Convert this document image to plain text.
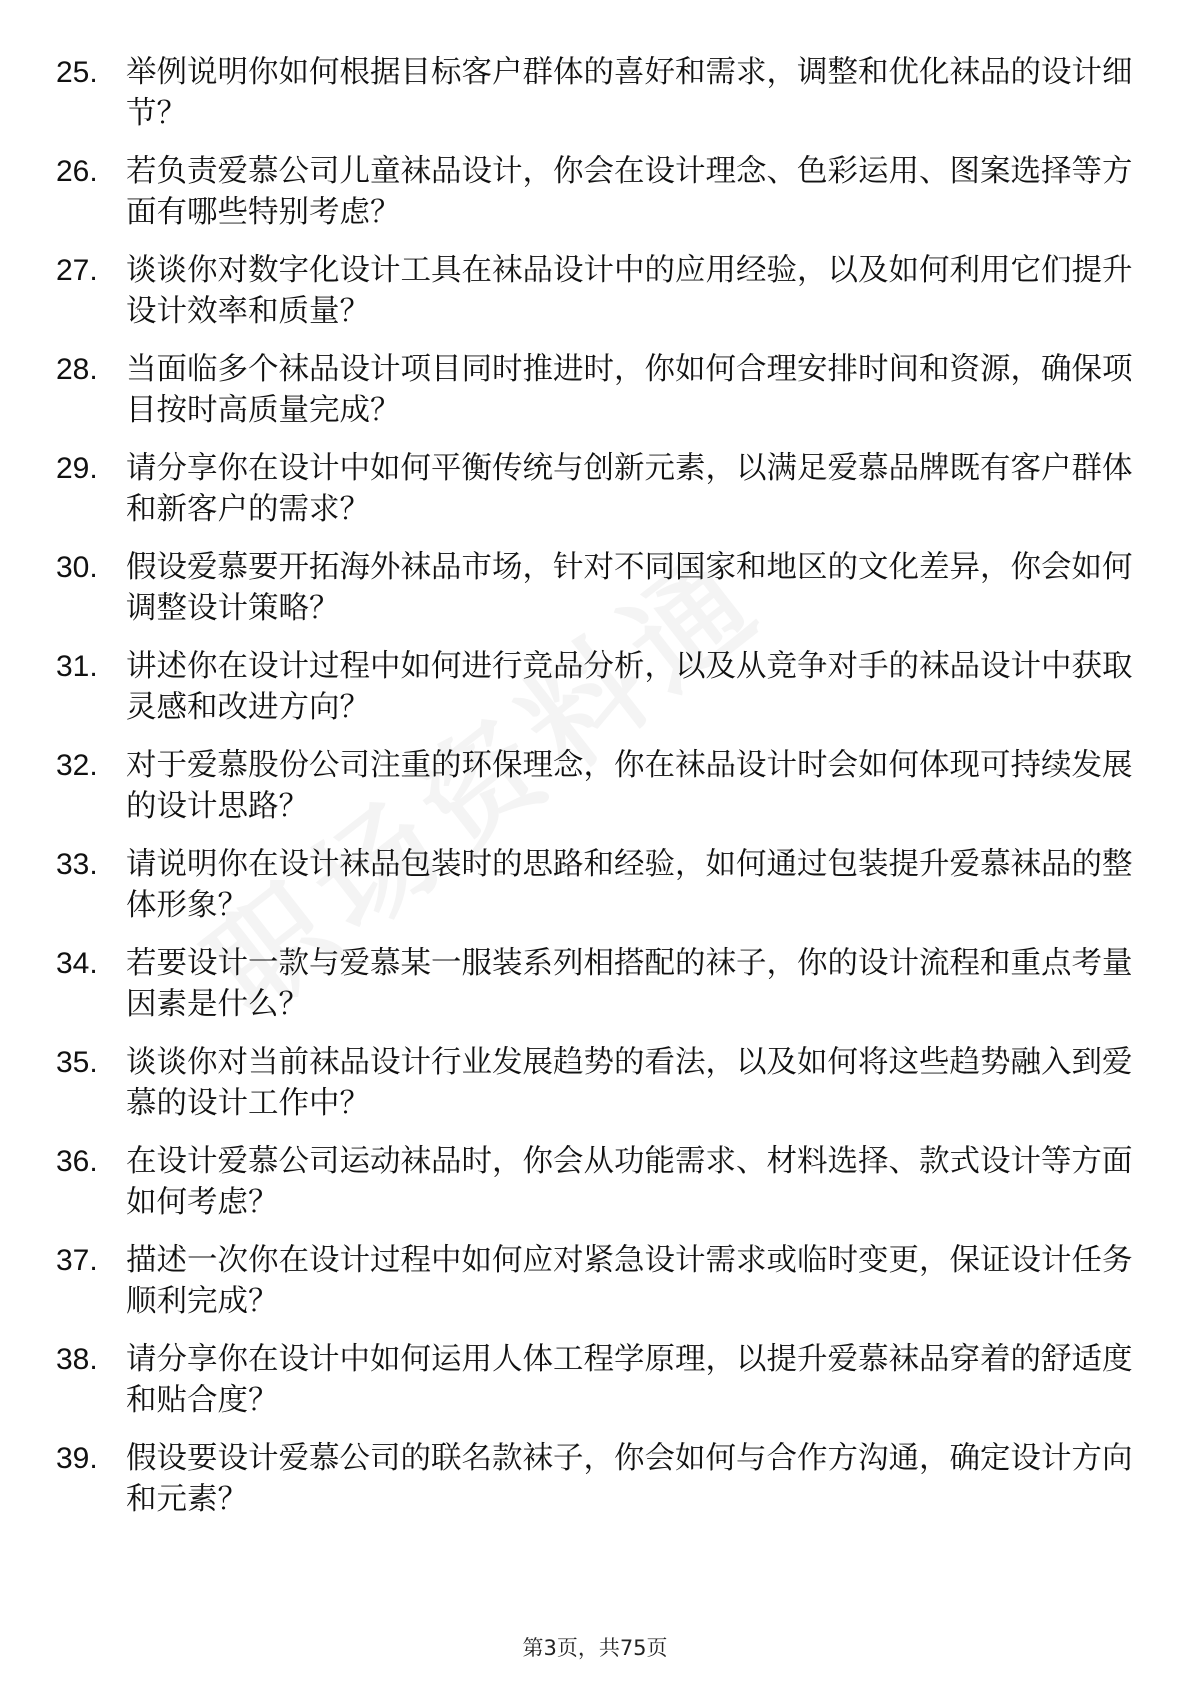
25. 举例说明你如何根据目标客户群体的喜好和需求，调整和优化袜品的设计细节？
26. 若负责爱慕公司儿童袜品设计，你会在设计理念、色彩运用、图案选择等方面有哪些特别考虑？
27. 谈谈你对数字化设计工具在袜品设计中的应用经验，以及如何利用它们提升设计效率和质量？
28. 当面临多个袜品设计项目同时推进时，你如何合理安排时间和资源，确保项目按时高质量完成？
29. 请分享你在设计中如何平衡传统与创新元素，以满足爱慕品牌既有客户群体和新客户的需求？
30. 假设爱慕要开拓海外袜品市场，针对不同国家和地区的文化差异，你会如何调整设计策略？
31. 讲述你在设计过程中如何进行竞品分析，以及从竞争对手的袜品设计中获取灵感和改进方向？
32. 对于爱慕股份公司注重的环保理念，你在袜品设计时会如何体现可持续发展的设计思路？
33. 请说明你在设计袜品包装时的思路和经验，如何通过包装提升爱慕袜品的整体形象？
34. 若要设计一款与爱慕某一服装系列相搭配的袜子，你的设计流程和重点考量因素是什么？
35. 谈谈你对当前袜品设计行业发展趋势的看法，以及如何将这些趋势融入到爱慕的设计工作中？
36. 在设计爱慕公司运动袜品时，你会从功能需求、材料选择、款式设计等方面如何考虑？
37. 描述一次你在设计过程中如何应对紧急设计需求或临时变更，保证设计任务顺利完成？
38. 请分享你在设计中如何运用人体工程学原理，以提升爱慕袜品穿着的舒适度和贴合度？
39. 假设要设计爱慕公司的联名款袜子，你会如何与合作方沟通，确定设计方向和元素？
第3页，共75页
